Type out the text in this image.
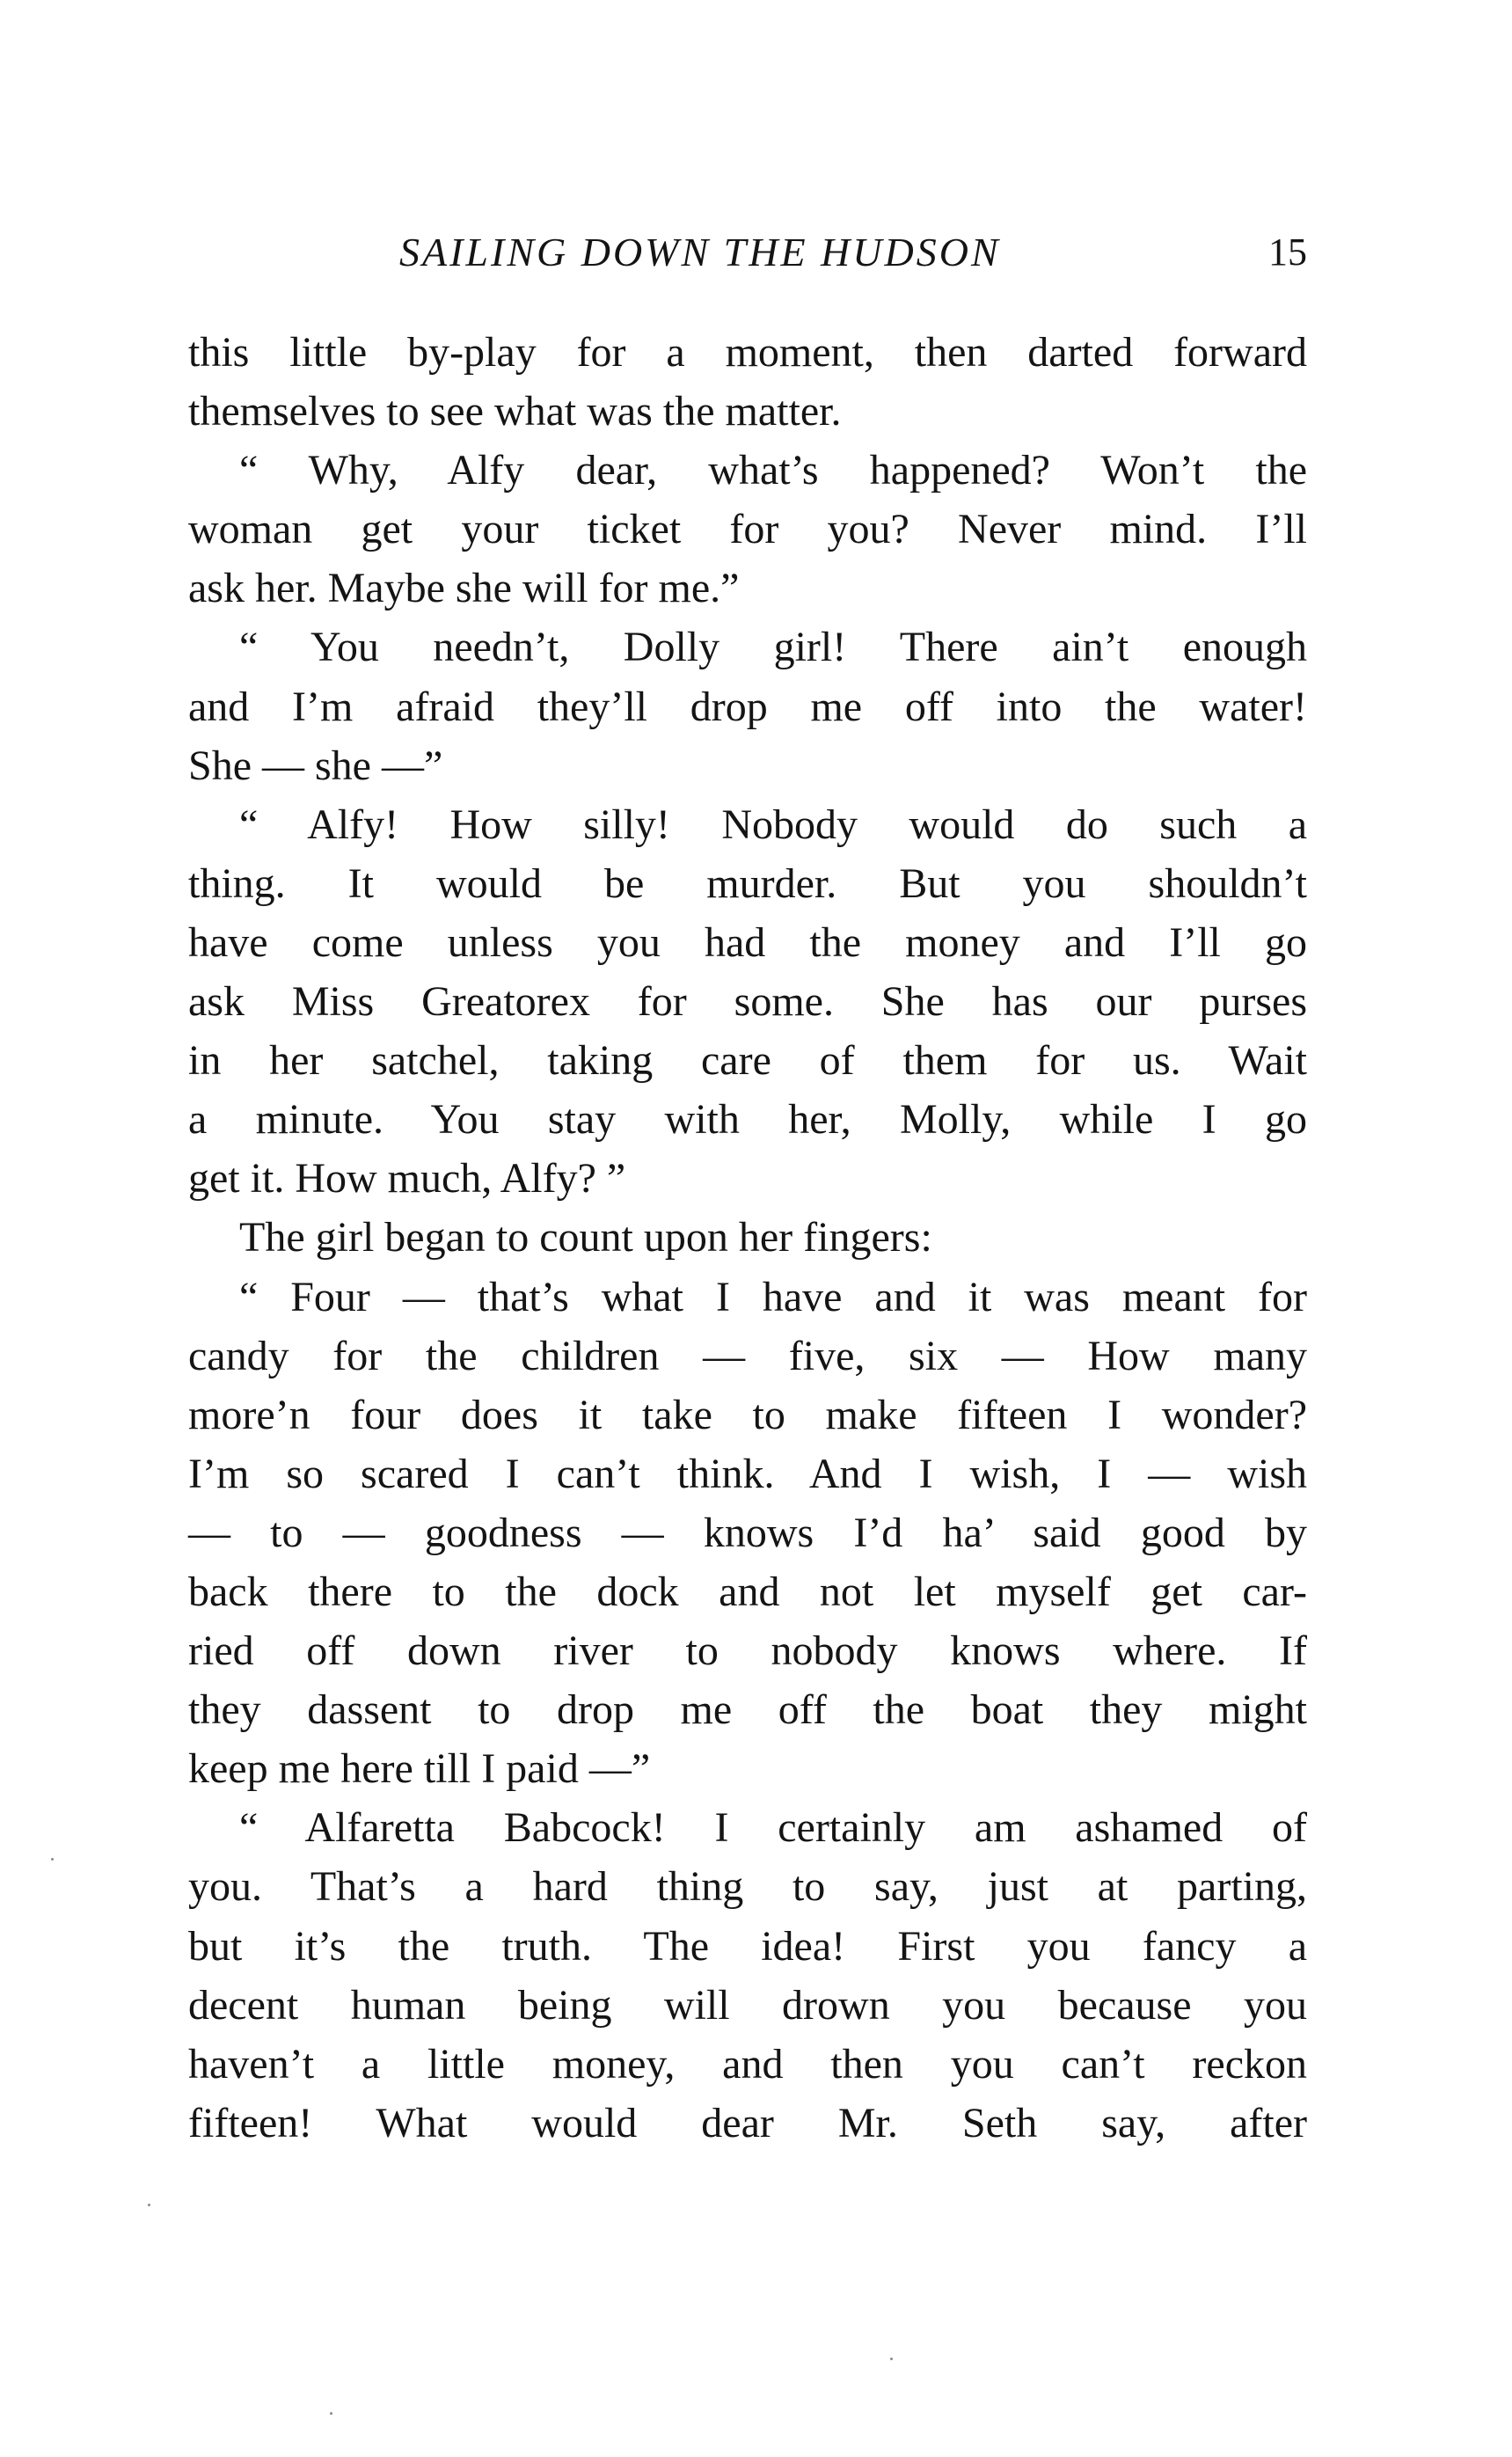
SAILING DOWN THE HUDSON	15
this little by-play for a moment, then darted forward
themselves to see what was the matter.
“ Why, Alfy dear, what’s happened? Won’t the
woman get your ticket for you? Never mind. I’ll
ask her. Maybe she will for me.”
“ You needn’t, Dolly girl! There ain’t enough
and I’m afraid they’ll drop me off into the water!
She — she —”
“ Alfy! How silly! Nobody would do such a
thing. It would be murder. But you shouldn’t
have come unless you had the money and I’ll go
ask Miss Greatorex for some. She has our purses
in her satchel, taking care of them for us. Wait
a minute. You stay with her, Molly, while I go
get it. How much, Alfy? ”
The girl began to count upon her fingers:
“ Four — that’s what I have and it was meant for
candy for the children — five, six — How many
more’n four does it take to make fifteen I wonder?
I’m so scared I can’t think. And I wish, I — wish
— to — goodness — knows I’d ha’ said good by
back there to the dock and not let myself get car-
ried off down river to nobody knows where. If
they dassent to drop me off the boat they might
keep me here till I paid —”
“ Alfaretta Babcock! I certainly am ashamed of
you. That’s a hard thing to say, just at parting,
but it’s the truth. The idea! First you fancy a
decent human being will drown you because you
haven’t a little money, and then you can’t reckon
fifteen! What would dear Mr. Seth say, after
